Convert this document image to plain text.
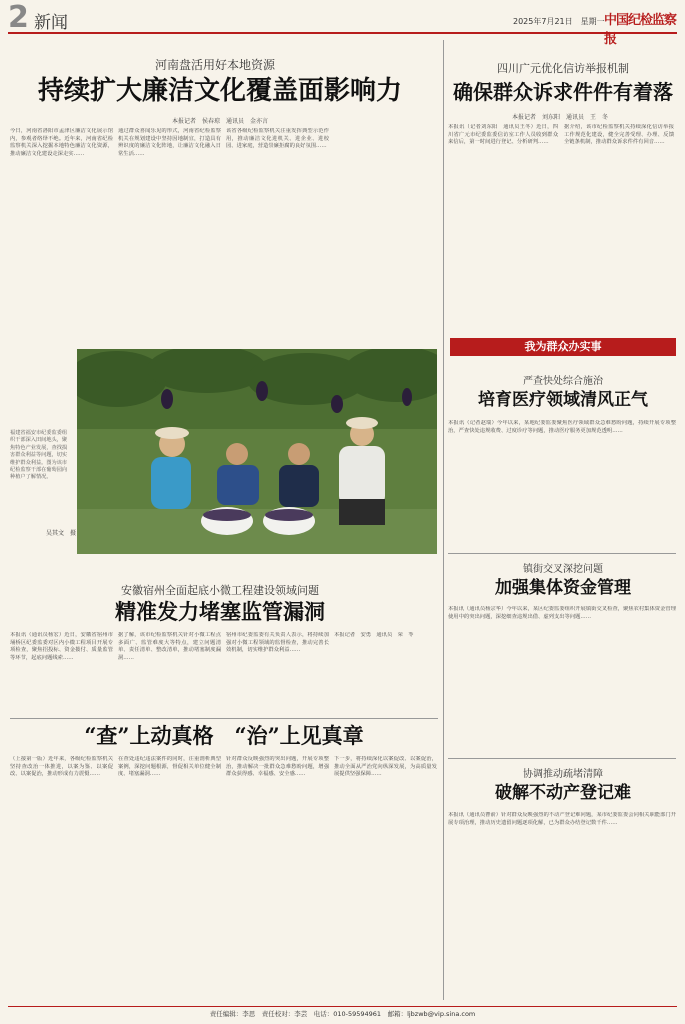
2 新闻	2025年7月21日　星期一 中国纪检监察报
河南盘活用好本地资源
持续扩大廉洁文化覆盖面影响力
本报记者　侯春琼　通讯员　金亦言
今日，河南省洛阳市孟津区廉洁文化展示馆内，参观者络绎不绝。近年来，河南省纪检监察机关深入挖掘本地特色廉洁文化资源，推动廉洁文化建设走深走实……
通过群众喜闻乐见的形式，河南省纪检监察机关在规划建设中坚持因地制宜，打造具有辨识度的廉洁文化阵地，让廉洁文化融入日常生活……
该省各级纪检监察机关注重发挥典型示范作用，推动廉洁文化进机关、进企业、进校园、进家庭，营造崇廉拒腐的良好氛围……
四川广元优化信访举报机制
确保群众诉求件件有着落
本报记者　刘东阳　通讯员　王　冬
本报讯（记者刘东阳　通讯员王冬）近日，四川省广元市纪委监委信访室工作人员收到群众来信后，第一时间进行登记、分析研判……
据介绍，该市纪检监察机关持续深化信访举报工作规范化建设，健全完善受理、办理、反馈全链条机制，推动群众诉求件件有回音……
福建省福安市纪委监委组织干部深入田间地头，聚焦特色产业发展，查找损害群众利益等问题，切实维护群众利益。图为该市纪检监察干部在葡萄园向种植户了解情况。
吴其文　摄
我为群众办实事
严查快处综合施治
培育医疗领域清风正气
本报讯（记者赵瑞）今年以来，某地纪委监委聚焦医疗领域群众急难愁盼问题，持续开展专项整治，严查快处违规收费、过度诊疗等问题，推动医疗服务更加规范透明……
镇街交叉深挖问题
加强集体资金管理
本报讯（通讯员杨宗华）今年以来，某区纪委监委组织开展镇街交叉检查，聚焦农村集体资金管理使用中的突出问题，深挖细查违规出借、虚列支出等问题……
协调推动疏堵清障
破解不动产登记难
本报讯（通讯员曹俞）针对群众反映强烈的不动产登记难问题，某市纪委监委会同相关职能部门开展专项治理，推动历史遗留问题逐项化解，已为群众办结登记数千件……
安徽宿州全面起底小微工程建设领域问题
精准发力堵塞监管漏洞
本报讯（通讯员杨宏）近日，安徽省宿州市埇桥区纪委监委对区内小微工程项目开展专项检查，聚焦招投标、资金拨付、质量监管等环节，起底问题线索……
据了解，该市纪检监察机关针对小微工程点多面广、监管难度大等特点，建立问题清单、责任清单、整改清单，推动堵塞制度漏洞……
宿州市纪委监委有关负责人表示，将持续加强对小微工程领域的监督检查，推动完善长效机制，切实维护群众利益……
本报记者　安勇　通讯员　荣　苓
“查”上动真格　“治”上见真章
（上接第一版）近年来，各级纪检监察机关坚持查改治一体推进，以案为鉴、以案促改、以案促治，推动形成有力震慑……
在查处违纪违法案件的同时，注重剖析典型案例，深挖问题根源，督促相关单位健全制度、堵塞漏洞……
针对群众反映强烈的突出问题，开展专项整治，推动解决一批群众急难愁盼问题，增强群众获得感、幸福感、安全感……
下一步，将持续深化以案促改、以案促治，推动全面从严治党向纵深发展，为高质量发展提供坚强保障……
责任编辑：李思　责任校对：李芸　电话：010-59594961　邮箱：ljbzwb@vip.sina.com
